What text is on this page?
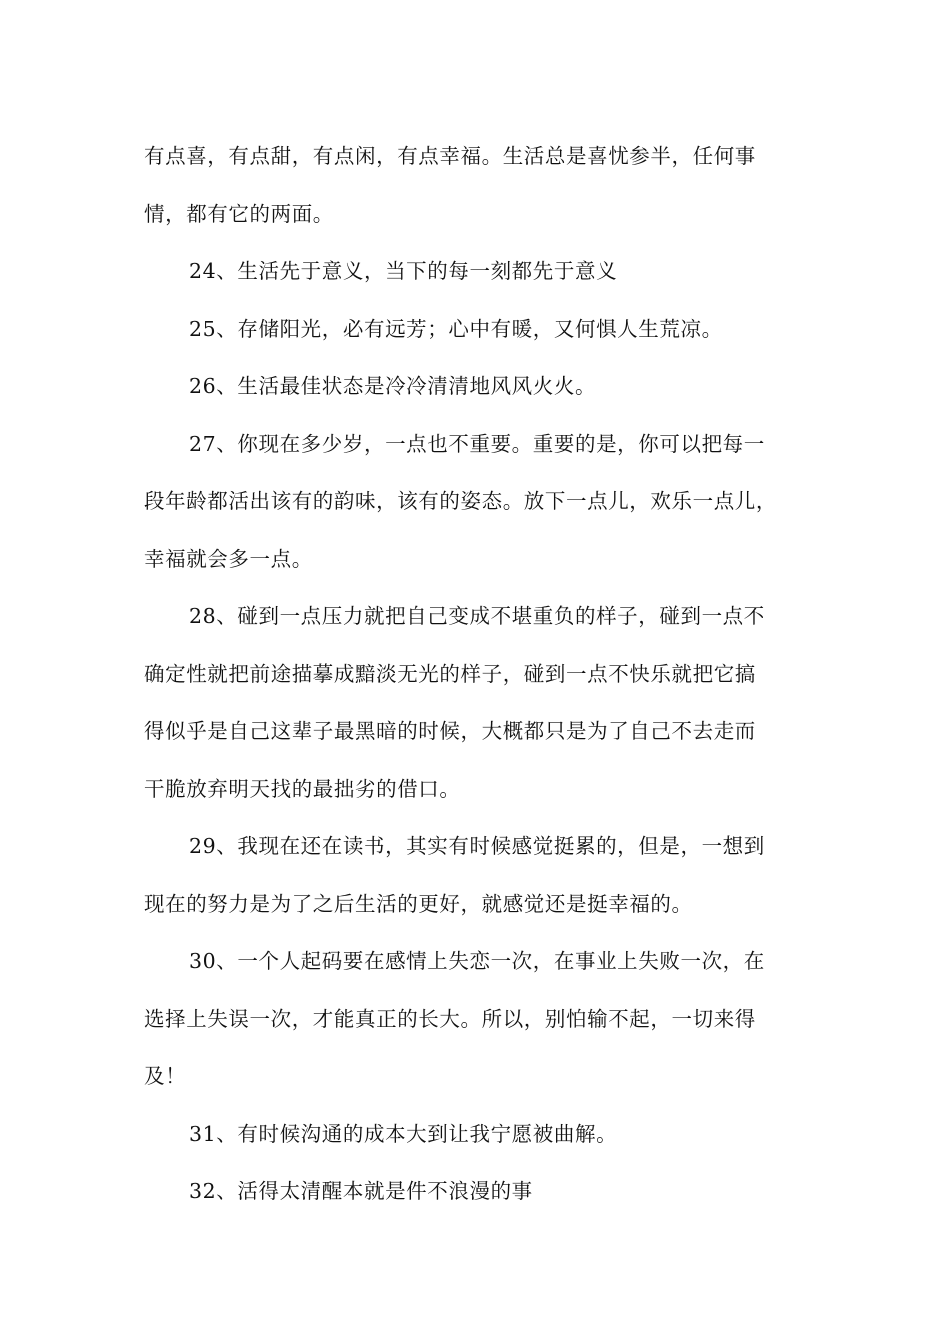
有点喜，有点甜，有点闲，有点幸福。生活总是喜忧参半，任何事
情，都有它的两面。
24、生活先于意义，当下的每一刻都先于意义
25、存储阳光，必有远芳；心中有暖，又何惧人生荒凉。
26、生活最佳状态是冷冷清清地风风火火。
27、你现在多少岁，一点也不重要。重要的是，你可以把每一
段年龄都活出该有的韵味，该有的姿态。放下一点儿，欢乐一点儿，
幸福就会多一点。
28、碰到一点压力就把自己变成不堪重负的样子，碰到一点不
确定性就把前途描摹成黯淡无光的样子，碰到一点不快乐就把它搞
得似乎是自己这辈子最黑暗的时候，大概都只是为了自己不去走而
干脆放弃明天找的最拙劣的借口。
29、我现在还在读书，其实有时候感觉挺累的，但是，一想到
现在的努力是为了之后生活的更好，就感觉还是挺幸福的。
30、一个人起码要在感情上失恋一次，在事业上失败一次，在
选择上失误一次，才能真正的长大。所以，别怕输不起，一切来得
及！
31、有时候沟通的成本大到让我宁愿被曲解。
32、活得太清醒本就是件不浪漫的事
